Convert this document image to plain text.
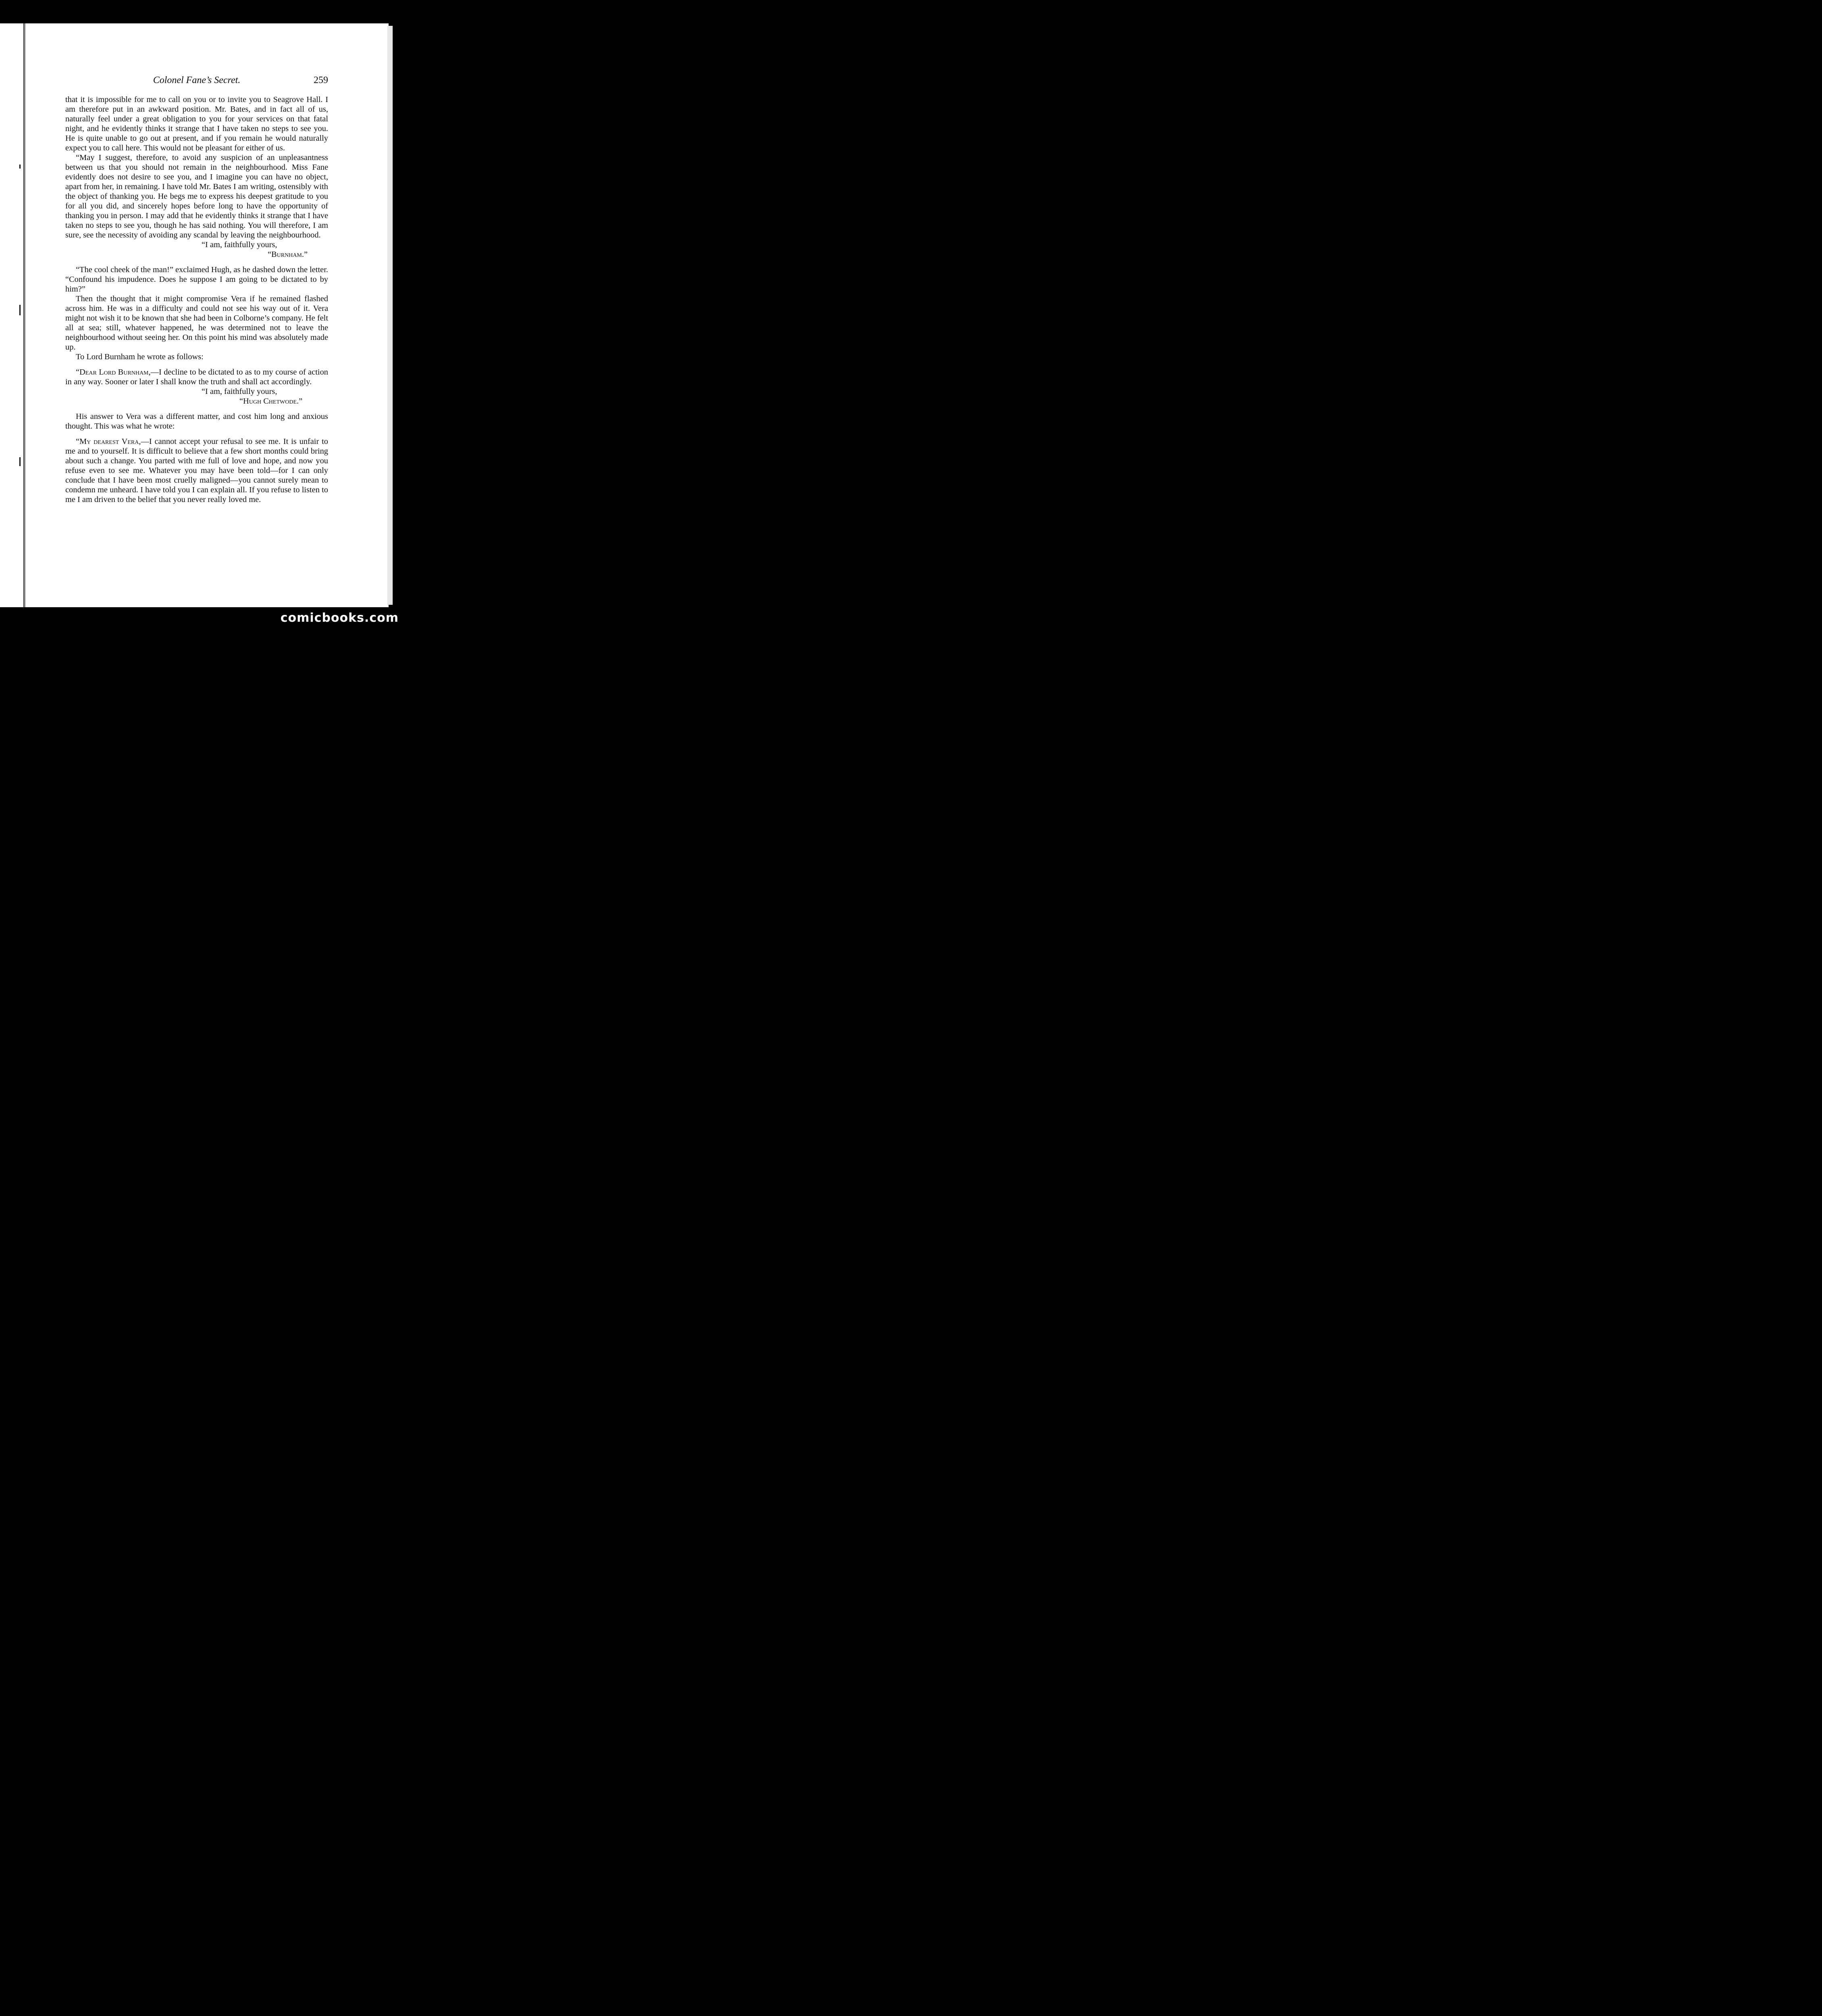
Colonel Fane’s Secret.	259

that it is impossible for me to call on you or to invite you to Seagrove Hall. I am therefore put in an awkward position. Mr. Bates, and in fact all of us, naturally feel under a great obligation to you for your services on that fatal night, and he evidently thinks it strange that I have taken no steps to see you. He is quite unable to go out at present, and if you remain he would naturally expect you to call here. This would not be pleasant for either of us.

“May I suggest, therefore, to avoid any suspicion of an unpleasantness between us that you should not remain in the neighbourhood. Miss Fane evidently does not desire to see you, and I imagine you can have no object, apart from her, in remaining. I have told Mr. Bates I am writing, ostensibly with the object of thanking you. He begs me to express his deepest gratitude to you for all you did, and sincerely hopes before long to have the opportunity of thanking you in person. I may add that he evidently thinks it strange that I have taken no steps to see you, though he has said nothing. You will therefore, I am sure, see the necessity of avoiding any scandal by leaving the neighbourhood.

“I am, faithfully yours,
“Burnham.”

“The cool cheek of the man!” exclaimed Hugh, as he dashed down the letter. “Confound his impudence. Does he suppose I am going to be dictated to by him?”

Then the thought that it might compromise Vera if he remained flashed across him. He was in a difficulty and could not see his way out of it. Vera might not wish it to be known that she had been in Colborne’s company. He felt all at sea; still, whatever happened, he was determined not to leave the neighbourhood without seeing her. On this point his mind was absolutely made up.

To Lord Burnham he wrote as follows:

“Dear Lord Burnham,—I decline to be dictated to as to my course of action in any way. Sooner or later I shall know the truth and shall act accordingly.

“I am, faithfully yours,
“Hugh Chetwode.”

His answer to Vera was a different matter, and cost him long and anxious thought. This was what he wrote:

“My dearest Vera,—I cannot accept your refusal to see me. It is unfair to me and to yourself. It is difficult to believe that a few short months could bring about such a change. You parted with me full of love and hope, and now you refuse even to see me. Whatever you may have been told—for I can only conclude that I have been most cruelly maligned—you cannot surely mean to condemn me unheard. I have told you I can explain all. If you refuse to listen to me I am driven to the belief that you never really loved me.

comicbooks.com
